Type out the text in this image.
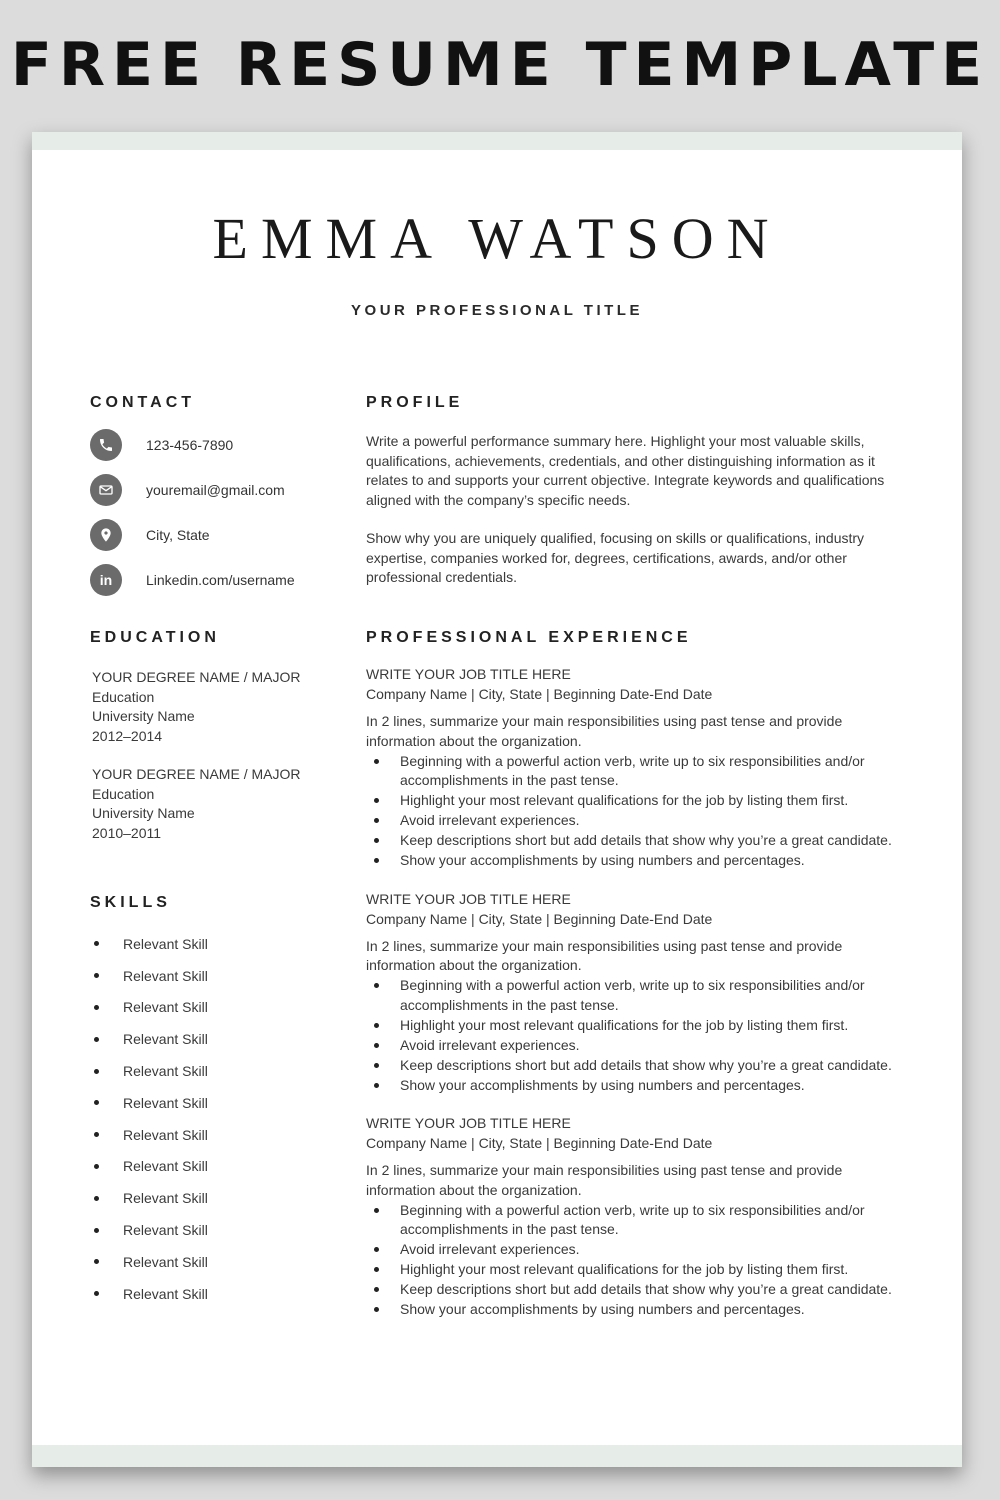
FREE RESUME TEMPLATE
EMMA WATSON
YOUR PROFESSIONAL TITLE
CONTACT
123-456-7890
youremail@gmail.com
City, State
in	Linkedin.com/username
EDUCATION
YOUR DEGREE NAME / MAJOR
Education
University Name
2012–2014
YOUR DEGREE NAME / MAJOR
Education
University Name
2010–2011
SKILLS
Relevant Skill
Relevant Skill
Relevant Skill
Relevant Skill
Relevant Skill
Relevant Skill
Relevant Skill
Relevant Skill
Relevant Skill
Relevant Skill
Relevant Skill
Relevant Skill
PROFILE

Write a powerful performance summary here. Highlight your most valuable skills, qualifications, achievements, credentials, and other distinguishing information as it relates to and supports your current objective. Integrate keywords and qualifications aligned with the company’s specific needs.

Show why you are uniquely qualified, focusing on skills or qualifications, industry expertise, companies worked for, degrees, certifications, awards, and/or other professional credentials.

PROFESSIONAL EXPERIENCE
WRITE YOUR JOB TITLE HERE
Company Name | City, State | Beginning Date-End Date
In 2 lines, summarize your main responsibilities using past tense and provide information about the organization.
Beginning with a powerful action verb, write up to six responsibilities and/or accomplishments in the past tense.
Highlight your most relevant qualifications for the job by listing them first.
Avoid irrelevant experiences.
Keep descriptions short but add details that show why you’re a great candidate.
Show your accomplishments by using numbers and percentages.
WRITE YOUR JOB TITLE HERE
Company Name | City, State | Beginning Date-End Date
In 2 lines, summarize your main responsibilities using past tense and provide information about the organization.
Beginning with a powerful action verb, write up to six responsibilities and/or accomplishments in the past tense.
Highlight your most relevant qualifications for the job by listing them first.
Avoid irrelevant experiences.
Keep descriptions short but add details that show why you’re a great candidate.
Show your accomplishments by using numbers and percentages.
WRITE YOUR JOB TITLE HERE
Company Name | City, State | Beginning Date-End Date
In 2 lines, summarize your main responsibilities using past tense and provide information about the organization.
Beginning with a powerful action verb, write up to six responsibilities and/or accomplishments in the past tense.
Avoid irrelevant experiences.
Highlight your most relevant qualifications for the job by listing them first.
Keep descriptions short but add details that show why you’re a great candidate.
Show your accomplishments by using numbers and percentages.
